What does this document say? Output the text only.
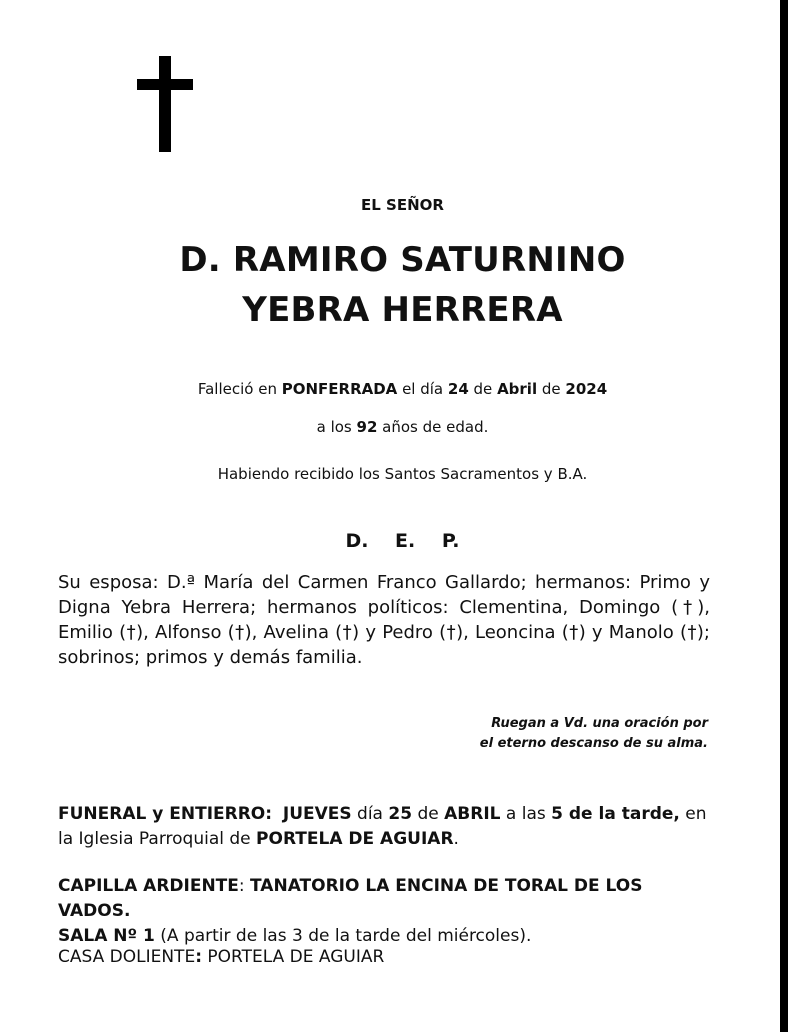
EL SEÑOR
D. RAMIRO SATURNINO
YEBRA HERRERA
Falleció en PONFERRADA el día 24 de Abril de 2024
a los 92 años de edad.
Habiendo recibido los Santos Sacramentos y B.A.
D. E. P.
Su esposa: D.ª María del Carmen Franco Gallardo; hermanos: Primo y Digna Yebra Herrera; hermanos políticos: Clementina, Domingo (†), Emilio (†), Alfonso (†), Avelina (†) y Pedro (†), Leoncina (†) y Manolo (†); sobrinos; primos y demás familia.
Ruegan a Vd. una oración por
el eterno descanso de su alma.
FUNERAL y ENTIERRO: JUEVES día 25 de ABRIL a las 5 de la tarde, en la Iglesia Parroquial de PORTELA DE AGUIAR.
CAPILLA ARDIENTE: TANATORIO LA ENCINA DE TORAL DE LOS VADOS.
SALA Nº 1 (A partir de las 3 de la tarde del miércoles).
CASA DOLIENTE: PORTELA DE AGUIAR
